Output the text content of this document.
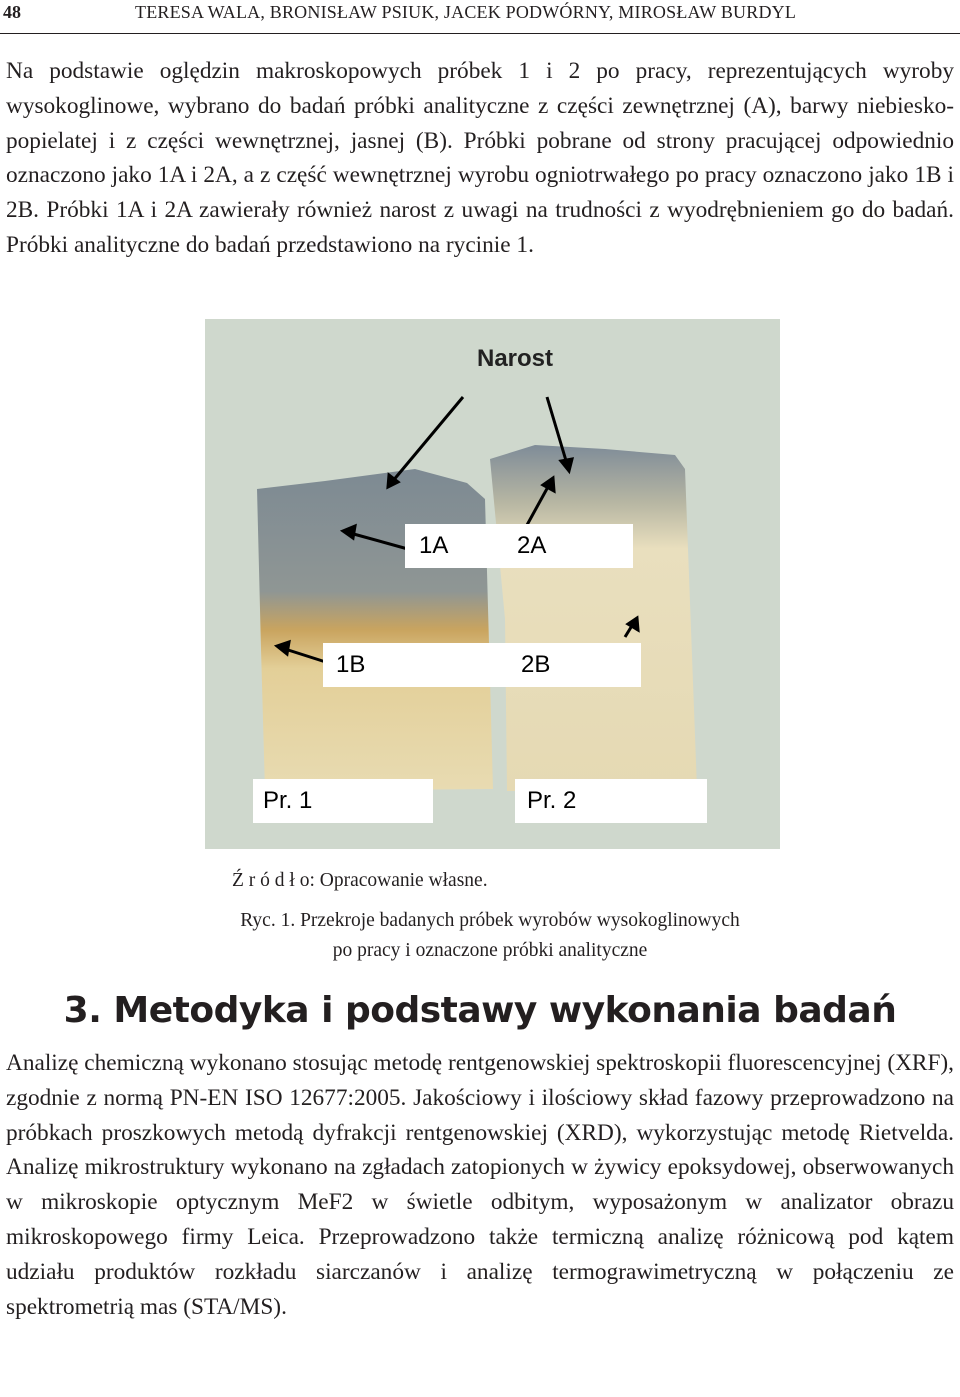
48	TERESA WALA, BRONISŁAW PSIUK, JACEK PODWÓRNY, MIROSŁAW BURDYL

Na podstawie oględzin makroskopowych próbek 1 i 2 po pracy, reprezentujących wyroby wysokoglinowe, wybrano do badań próbki analityczne z części zewnętrznej (A), barwy niebiesko-popielatej i z części wewnętrznej, jasnej (B). Próbki pobrane od strony pracującej odpowiednio oznaczono jako 1A i 2A, a z część wewnętrznej wyrobu ogniotrwałego po pracy oznaczono jako 1B i 2B. Próbki 1A i 2A zawierały również narost z uwagi na trudności z wyodrębnieniem go do badań. Próbki analityczne do badań przedstawiono na rycinie 1.

Narost
1A	2A
1B	2B
Pr. 1	Pr. 2
Ź r ó d ł o: Opracowanie własne.
Ryc. 1. Przekroje badanych próbek wyrobów wysokoglinowych
po pracy i oznaczone próbki analityczne
3. Metodyka i podstawy wykonania badań

Analizę chemiczną wykonano stosując metodę rentgenowskiej spektroskopii fluorescencyjnej (XRF), zgodnie z normą PN-EN ISO 12677:2005. Jakościowy i ilościowy skład fazowy przeprowadzono na próbkach proszkowych metodą dyfrakcji rentgenowskiej (XRD), wykorzystując metodę Rietvelda. Analizę mikrostruktury wykonano na zgładach zatopionych w żywicy epoksydowej, obserwowanych w mikroskopie optycznym MeF2 w świetle odbitym, wyposażonym w analizator obrazu mikroskopowego firmy Leica. Przeprowadzono także termiczną analizę różnicową pod kątem udziału produktów rozkładu siarczanów i analizę termograwimetryczną w połączeniu ze spektrometrią mas (STA/MS).
